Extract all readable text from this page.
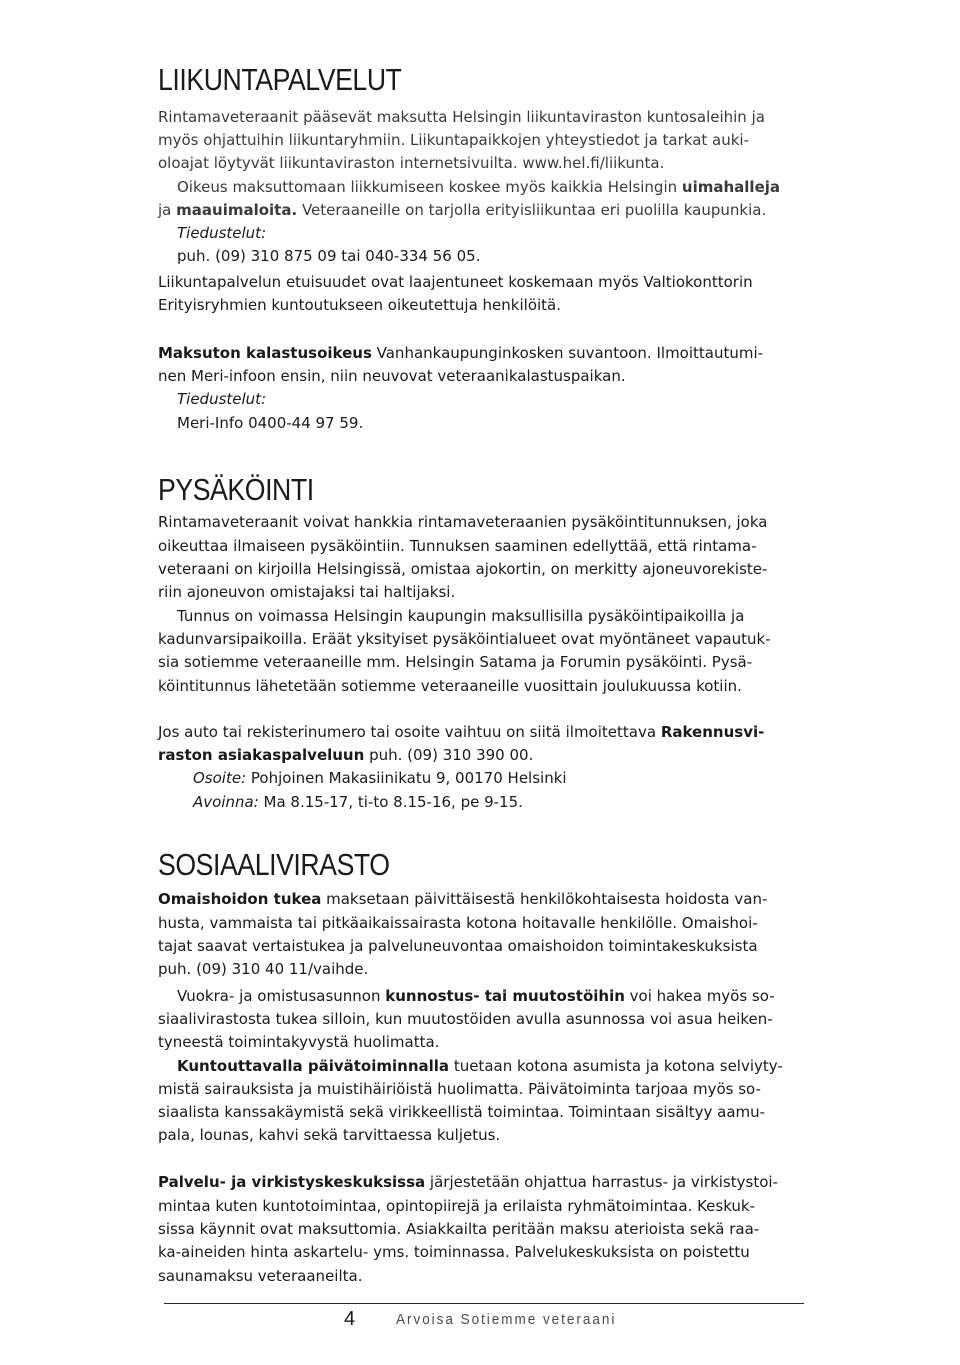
LIIKUNTAPALVELUT
Rintamaveteraanit pääsevät maksutta Helsingin liikuntaviraston kuntosaleihin ja
myös ohjattuihin liikuntaryhmiin. Liikuntapaikkojen yhteystiedot ja tarkat auki-
oloajat löytyvät liikuntaviraston internetsivuilta. www.hel.fi/liikunta.
Oikeus maksuttomaan liikkumiseen koskee myös kaikkia Helsingin uimahalleja
ja maauimaloita. Veteraaneille on tarjolla erityisliikuntaa eri puolilla kaupunkia.
Tiedustelut:
puh. (09) 310 875 09 tai 040-334 56 05.
Liikuntapalvelun etuisuudet ovat laajentuneet koskemaan myös Valtiokonttorin
Erityisryhmien kuntoutukseen oikeutettuja henkilöitä.
Maksuton kalastusoikeus Vanhankaupunginkosken suvantoon. Ilmoittautumi-
nen Meri-infoon ensin, niin neuvovat veteraanikalastuspaikan.
Tiedustelut:
Meri-Info 0400-44 97 59.
PYSÄKÖINTI
Rintamaveteraanit voivat hankkia rintamaveteraanien pysäköintitunnuksen, joka
oikeuttaa ilmaiseen pysäköintiin. Tunnuksen saaminen edellyttää, että rintama-
veteraani on kirjoilla Helsingissä, omistaa ajokortin, on merkitty ajoneuvorekiste-
riin ajoneuvon omistajaksi tai haltijaksi.
Tunnus on voimassa Helsingin kaupungin maksullisilla pysäköintipaikoilla ja
kadunvarsipaikoilla. Eräät yksityiset pysäköintialueet ovat myöntäneet vapautuk-
sia sotiemme veteraaneille mm. Helsingin Satama ja Forumin pysäköinti. Pysä-
köintitunnus lähetetään sotiemme veteraaneille vuosittain joulukuussa kotiin.
Jos auto tai rekisterinumero tai osoite vaihtuu on siitä ilmoitettava Rakennusvi-
raston asiakaspalveluun puh. (09) 310 390 00.
Osoite: Pohjoinen Makasiinikatu 9, 00170 Helsinki
Avoinna: Ma 8.15-17, ti-to 8.15-16, pe 9-15.
SOSIAALIVIRASTO
Omaishoidon tukea maksetaan päivittäisestä henkilökohtaisesta hoidosta van-
husta, vammaista tai pitkäaikaissairasta kotona hoitavalle henkilölle. Omaishoi-
tajat saavat vertaistukea ja palveluneuvontaa omaishoidon toimintakeskuksista
puh. (09) 310 40 11/vaihde.
Vuokra- ja omistusasunnon kunnostus- tai muutostöihin voi hakea myös so-
siaalivirastosta tukea silloin, kun muutostöiden avulla asunnossa voi asua heiken-
tyneestä toimintakyvystä huolimatta.
Kuntouttavalla päivätoiminnalla tuetaan kotona asumista ja kotona selviyty-
mistä sairauksista ja muistihäiriöistä huolimatta. Päivätoiminta tarjoaa myös so-
siaalista kanssakäymistä sekä virikkeellistä toimintaa. Toimintaan sisältyy aamu-
pala, lounas, kahvi sekä tarvittaessa kuljetus.
Palvelu- ja virkistyskeskuksissa järjestetään ohjattua harrastus- ja virkistystoi-
mintaa kuten kuntotoimintaa, opintopiirejä ja erilaista ryhmätoimintaa. Keskuk-
sissa käynnit ovat maksuttomia. Asiakkailta peritään maksu aterioista sekä raa-
ka-aineiden hinta askartelu- yms. toiminnassa. Palvelukeskuksista on poistettu
saunamaksu veteraaneilta.
4	Arvoisa Sotiemme veteraani
